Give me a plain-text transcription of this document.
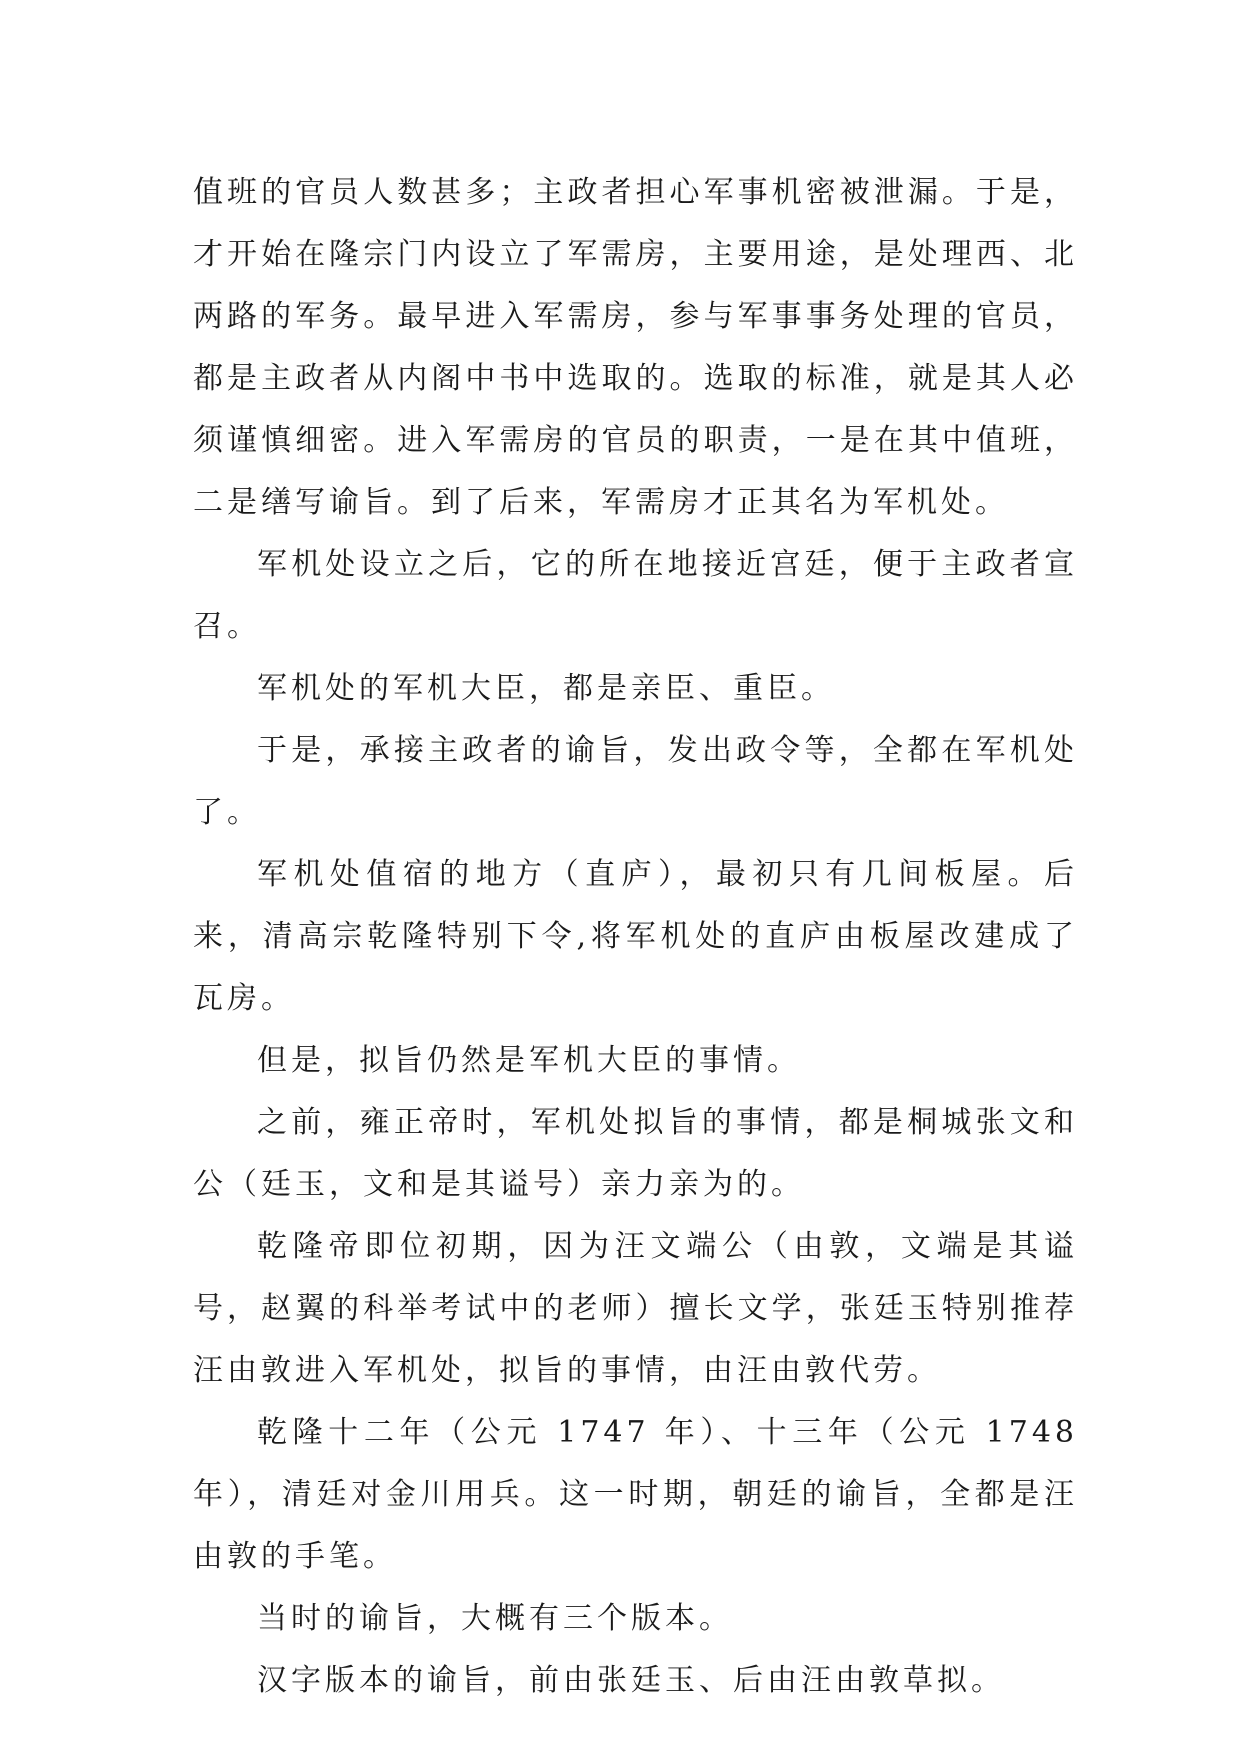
值班的官员人数甚多；主政者担心军事机密被泄漏。于是，才开始在隆宗门内设立了军需房，主要用途，是处理西、北两路的军务。最早进入军需房，参与军事事务处理的官员，都是主政者从内阁中书中选取的。选取的标准，就是其人必须谨慎细密。进入军需房的官员的职责，一是在其中值班，二是缮写谕旨。到了后来，军需房才正其名为军机处。

军机处设立之后，它的所在地接近宫廷，便于主政者宣召。

军机处的军机大臣，都是亲臣、重臣。

于是，承接主政者的谕旨，发出政令等，全都在军机处了。

军机处值宿的地方（直庐），最初只有几间板屋。后来，清高宗乾隆特别下令,将军机处的直庐由板屋改建成了瓦房。

但是，拟旨仍然是军机大臣的事情。

之前，雍正帝时，军机处拟旨的事情，都是桐城张文和公（廷玉，文和是其谥号）亲力亲为的。

乾隆帝即位初期，因为汪文端公（由敦，文端是其谥号，赵翼的科举考试中的老师）擅长文学，张廷玉特别推荐汪由敦进入军机处，拟旨的事情，由汪由敦代劳。

乾隆十二年（公元 1747 年）、十三年（公元 1748 年），清廷对金川用兵。这一时期，朝廷的谕旨，全都是汪由敦的手笔。

当时的谕旨，大概有三个版本。

汉字版本的谕旨，前由张廷玉、后由汪由敦草拟。
